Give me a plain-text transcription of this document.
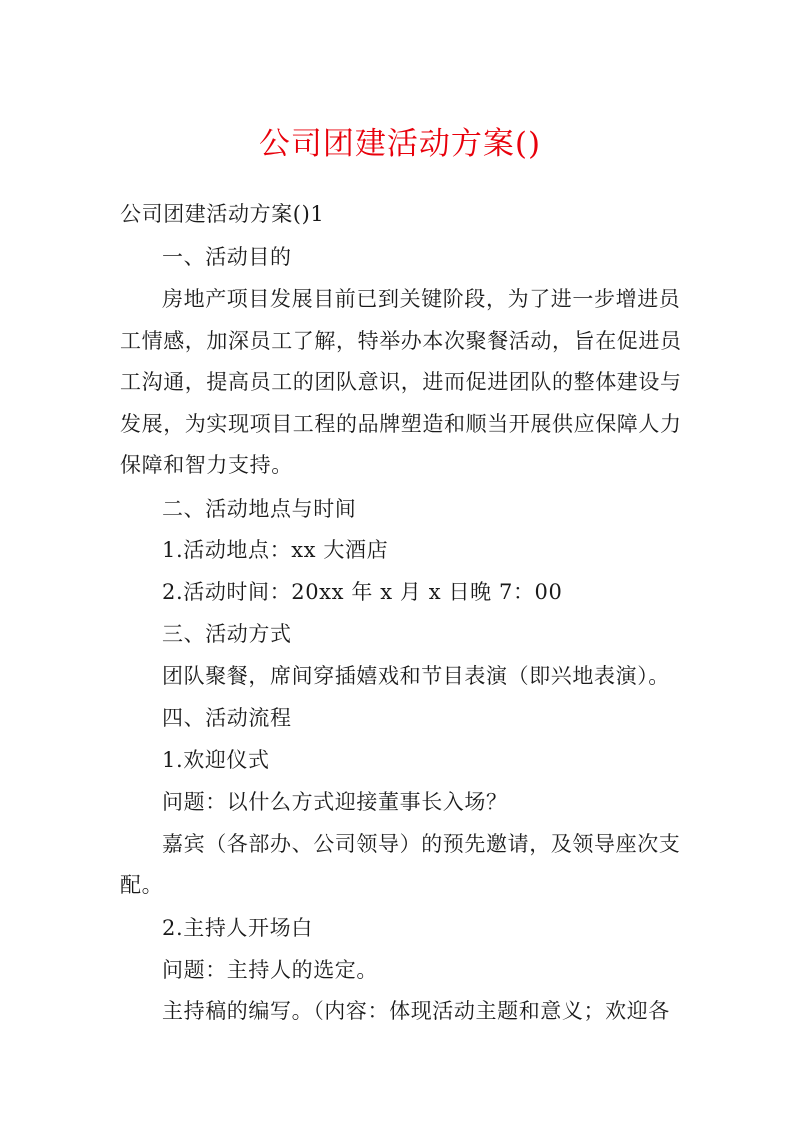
公司团建活动方案()
公司团建活动方案()1
一、活动目的
房地产项目发展目前已到关键阶段，为了进一步增进员
工情感，加深员工了解，特举办本次聚餐活动，旨在促进员
工沟通，提高员工的团队意识，进而促进团队的整体建设与
发展，为实现项目工程的品牌塑造和顺当开展供应保障人力
保障和智力支持。
二、活动地点与时间
1.活动地点：xx 大酒店
2.活动时间：20xx 年 x 月 x 日晚 7：00
三、活动方式
团队聚餐，席间穿插嬉戏和节目表演（即兴地表演）。
四、活动流程
1.欢迎仪式
问题：以什么方式迎接董事长入场？
嘉宾（各部办、公司领导）的预先邀请，及领导座次支
配。
2.主持人开场白
问题：主持人的选定。
主持稿的编写。（内容：体现活动主题和意义；欢迎各
